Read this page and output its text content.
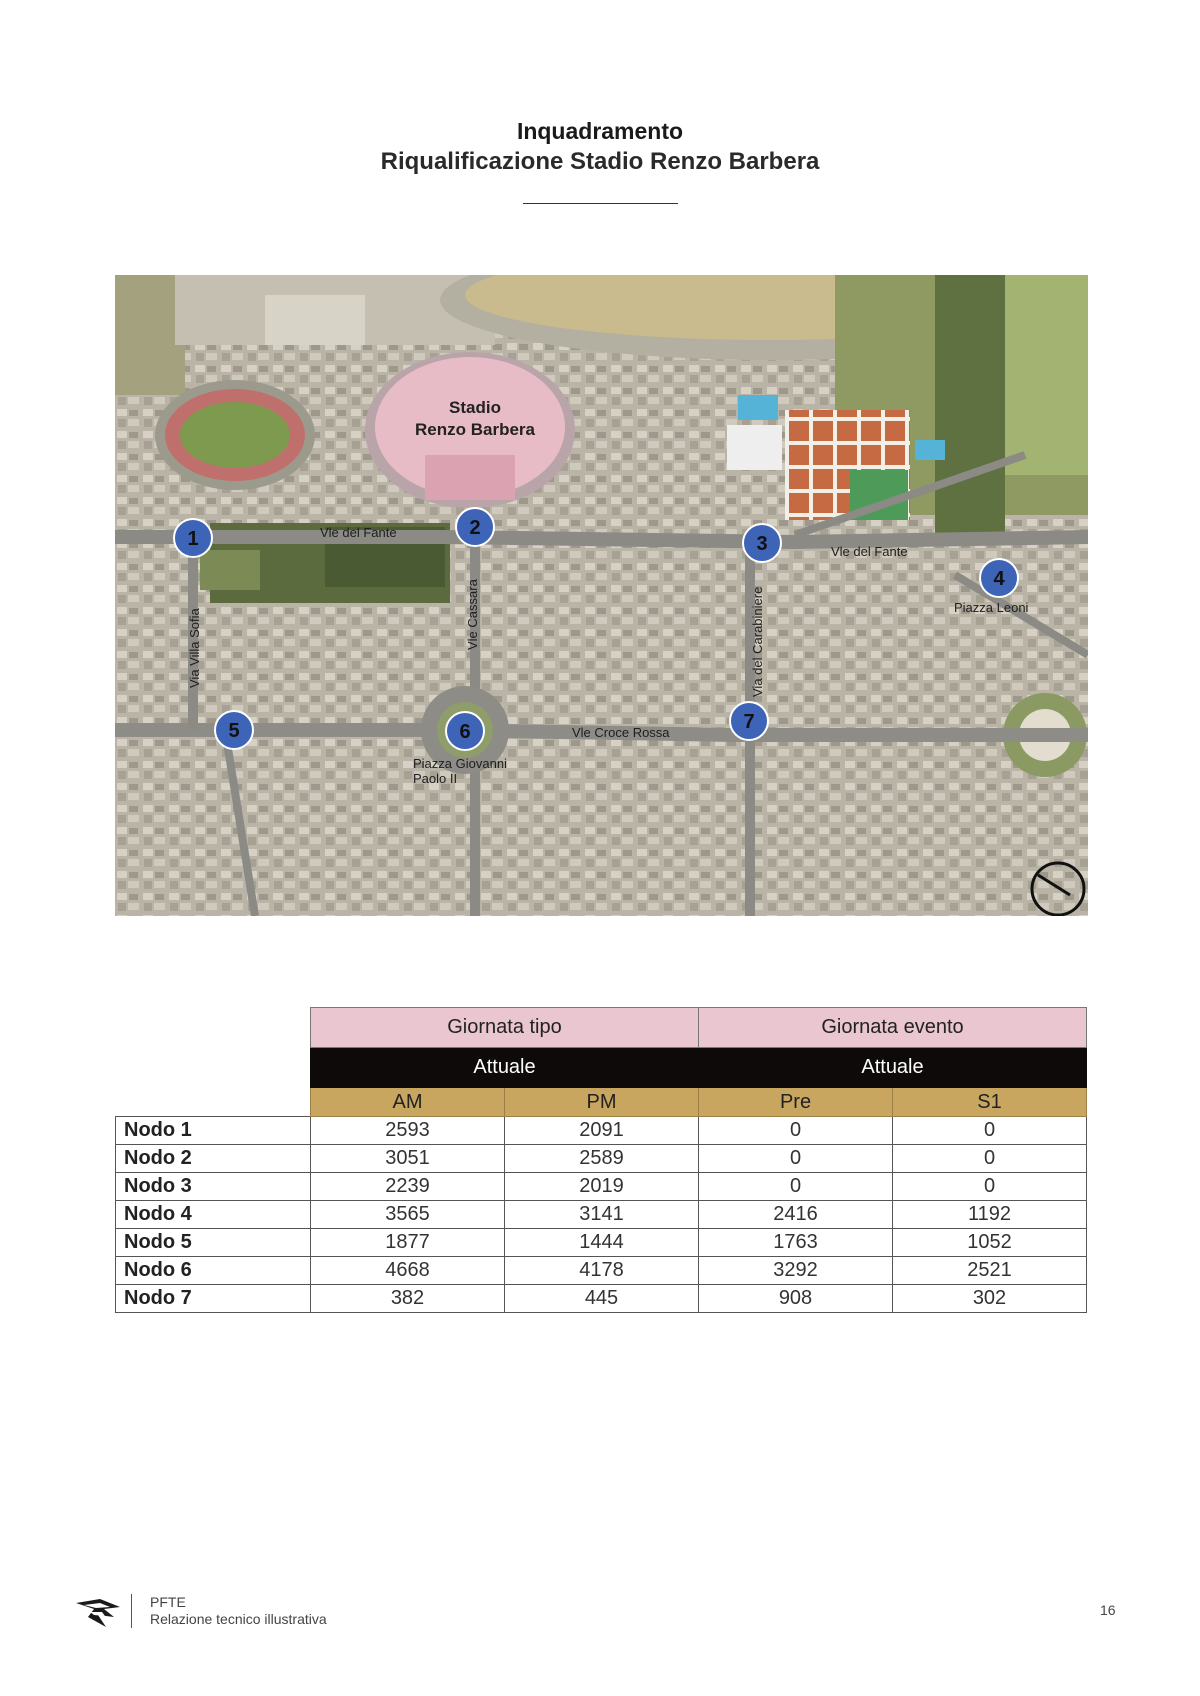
Inquadramento
Riqualificazione Stadio Renzo Barbera
Stadio
Renzo Barbera
Vle del Fante
Vle del Fante
Piazza Leoni
Vle Croce Rossa
Piazza Giovanni
Paolo II
Via Villa Sofia	Vle Cassara	Via del Carabiniere
1	2
3
4
5	6	7
	Giornata tipo		Giornata evento	
	Attuale		Attuale	
	AM	PM	Pre	S1
Nodo 1	2593	2091	0	0
Nodo 2	3051	2589	0	0
Nodo 3	2239	2019	0	0
Nodo 4	3565	3141	2416	1192
Nodo 5	1877	1444	1763	1052
Nodo 6	4668	4178	3292	2521
Nodo 7	382	445	908	302
PFTE
Relazione tecnico illustrativa
16
